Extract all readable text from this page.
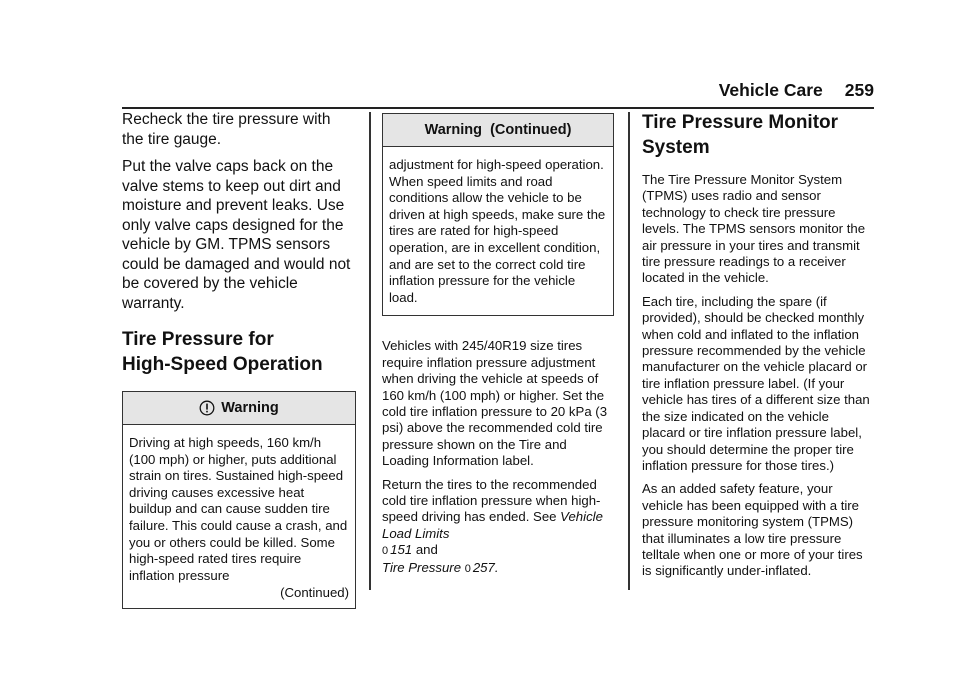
Vehicle Care 259

Recheck the tire pressure with the tire gauge.

Put the valve caps back on the valve stems to keep out dirt and moisture and prevent leaks. Use only valve caps designed for the vehicle by GM. TPMS sensors could be damaged and would not be covered by the vehicle warranty.

Tire Pressure for
High-Speed Operation
Warning
Driving at high speeds, 160 km/h (100 mph) or higher, puts additional strain on tires. Sustained high-speed driving causes excessive heat buildup and can cause sudden tire failure. This could cause a crash, and you or others could be killed. Some high-speed rated tires require inflation pressure
(Continued)
Warning  (Continued)
adjustment for high-speed operation. When speed limits and road conditions allow the vehicle to be driven at high speeds, make sure the tires are rated for high-speed operation, are in excellent condition, and are set to the correct cold tire inflation pressure for the vehicle load.

Vehicles with 245/40R19 size tires require inflation pressure adjustment when driving the vehicle at speeds of 160 km/h (100 mph) or higher. Set the cold tire inflation pressure to 20 kPa (3 psi) above the recommended cold tire pressure shown on the Tire and Loading Information label.

Return the tires to the recommended cold tire inflation pressure when high-speed driving has ended. See Vehicle Load Limits
0 151 and
Tire Pressure 0 257.

Tire Pressure Monitor
System

The Tire Pressure Monitor System (TPMS) uses radio and sensor technology to check tire pressure levels. The TPMS sensors monitor the air pressure in your tires and transmit tire pressure readings to a receiver located in the vehicle.

Each tire, including the spare (if provided), should be checked monthly when cold and inflated to the inflation pressure recommended by the vehicle manufacturer on the vehicle placard or tire inflation pressure label. (If your vehicle has tires of a different size than the size indicated on the vehicle placard or tire inflation pressure label, you should determine the proper tire inflation pressure for those tires.)

As an added safety feature, your vehicle has been equipped with a tire pressure monitoring system (TPMS) that illuminates a low tire pressure telltale when one or more of your tires is significantly under-inflated.
